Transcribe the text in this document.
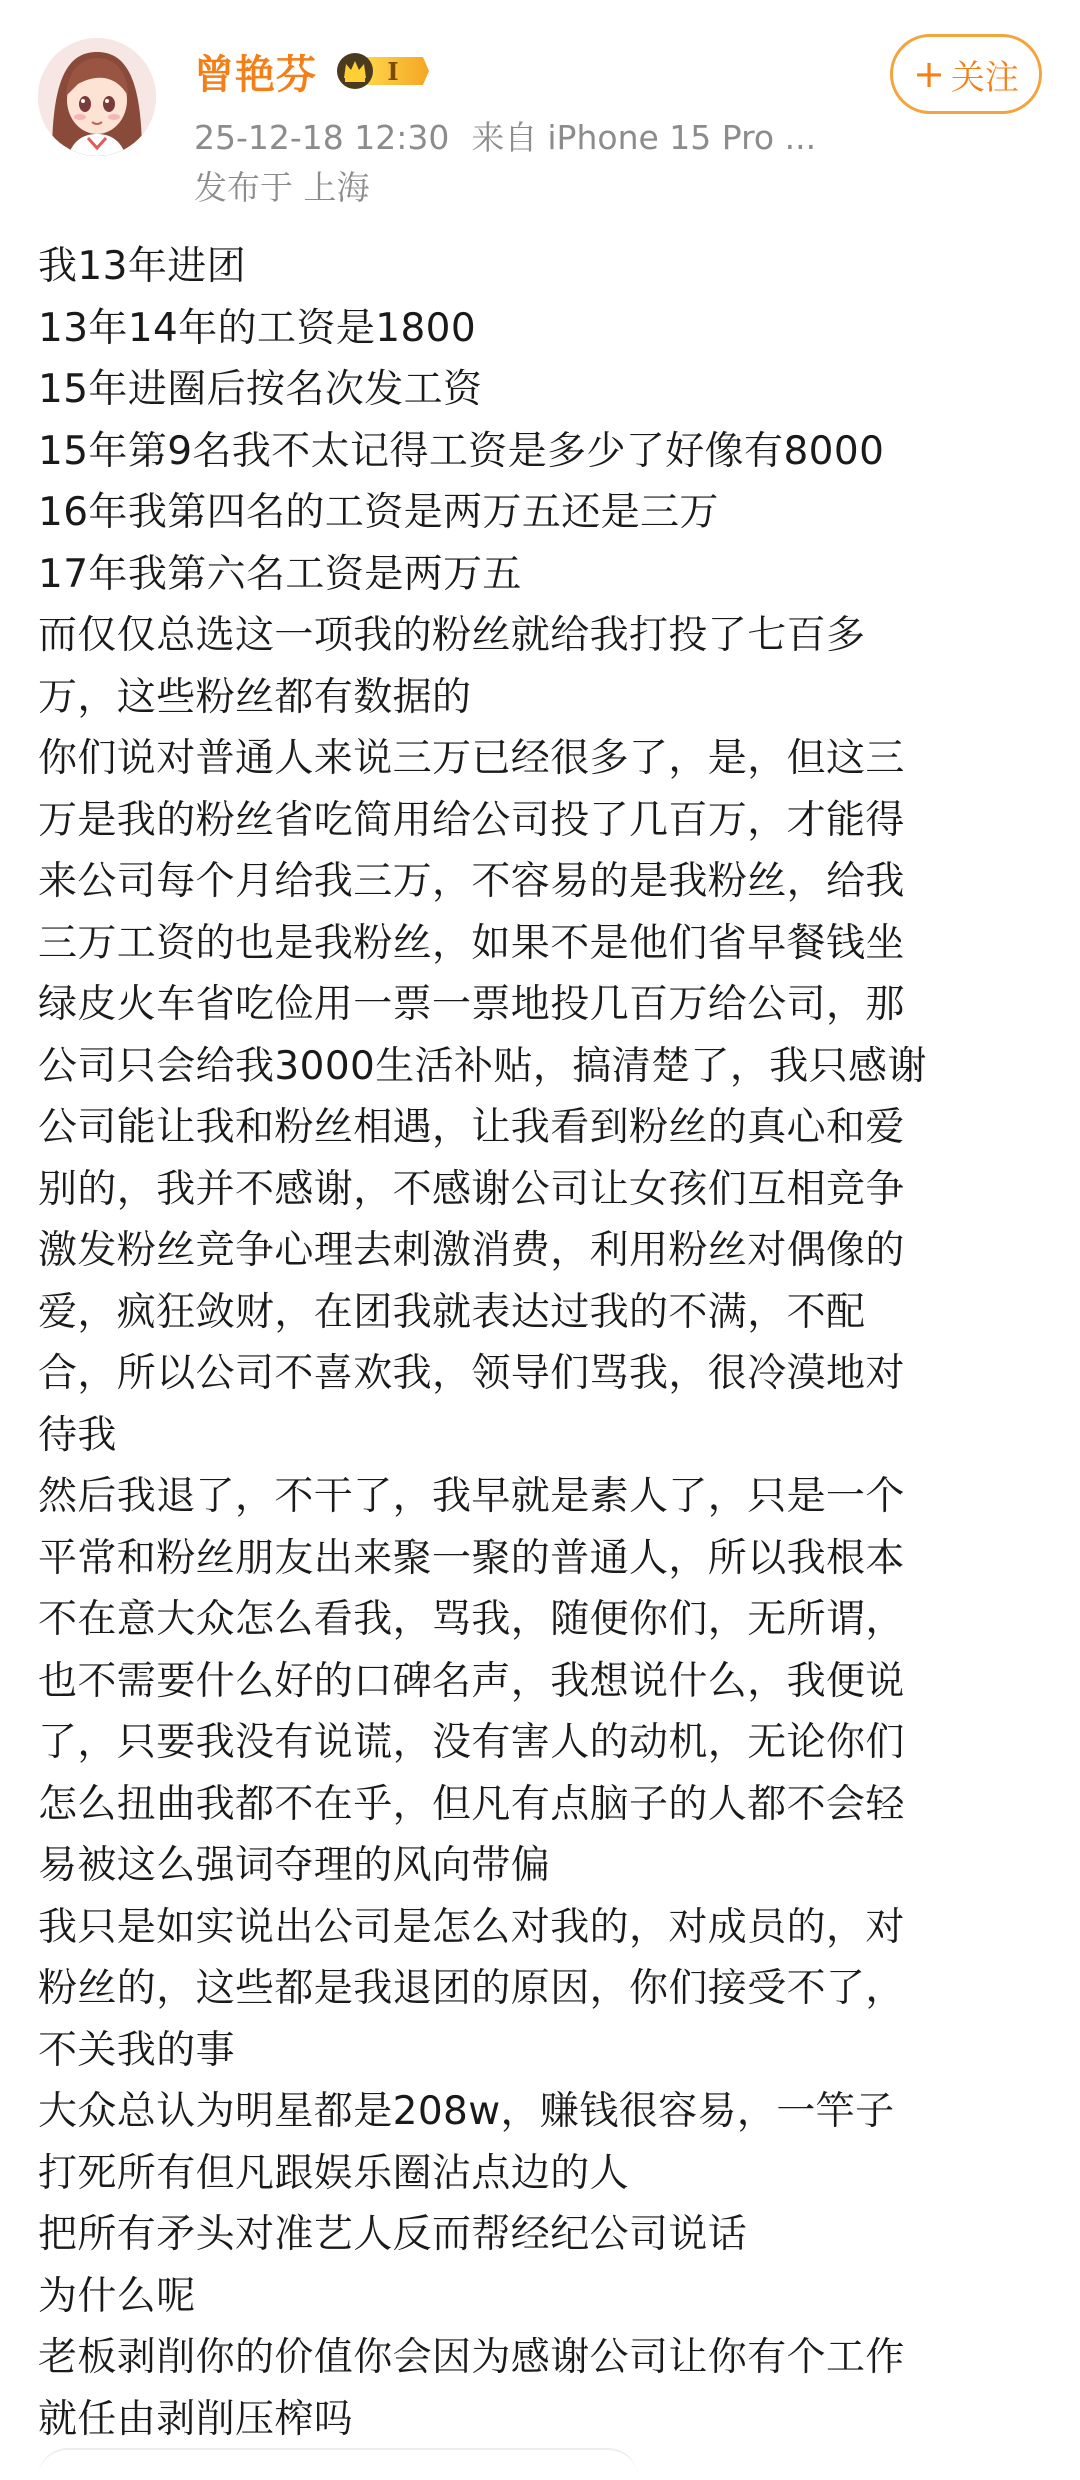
曾艳芬	I
25-12-18 12:30 来自 iPhone 15 Pro ...
发布于 上海
+ 关注
我13年进团
13年14年的工资是1800
15年进圈后按名次发工资
15年第9名我不太记得工资是多少了好像有8000
16年我第四名的工资是两万五还是三万
17年我第六名工资是两万五
而仅仅总选这一项我的粉丝就给我打投了七百多
万，这些粉丝都有数据的
你们说对普通人来说三万已经很多了，是，但这三
万是我的粉丝省吃简用给公司投了几百万，才能得
来公司每个月给我三万，不容易的是我粉丝，给我
三万工资的也是我粉丝，如果不是他们省早餐钱坐
绿皮火车省吃俭用一票一票地投几百万给公司，那
公司只会给我3000生活补贴，搞清楚了，我只感谢
公司能让我和粉丝相遇，让我看到粉丝的真心和爱
别的，我并不感谢，不感谢公司让女孩们互相竞争
激发粉丝竞争心理去刺激消费，利用粉丝对偶像的
爱，疯狂敛财，在团我就表达过我的不满，不配
合，所以公司不喜欢我，领导们骂我，很冷漠地对
待我
然后我退了，不干了，我早就是素人了，只是一个
平常和粉丝朋友出来聚一聚的普通人，所以我根本
不在意大众怎么看我，骂我，随便你们，无所谓，
也不需要什么好的口碑名声，我想说什么，我便说
了，只要我没有说谎，没有害人的动机，无论你们
怎么扭曲我都不在乎，但凡有点脑子的人都不会轻
易被这么强词夺理的风向带偏
我只是如实说出公司是怎么对我的，对成员的，对
粉丝的，这些都是我退团的原因，你们接受不了，
不关我的事
大众总认为明星都是208w，赚钱很容易，一竿子
打死所有但凡跟娱乐圈沾点边的人
把所有矛头对准艺人反而帮经纪公司说话
为什么呢
老板剥削你的价值你会因为感谢公司让你有个工作
就任由剥削压榨吗
